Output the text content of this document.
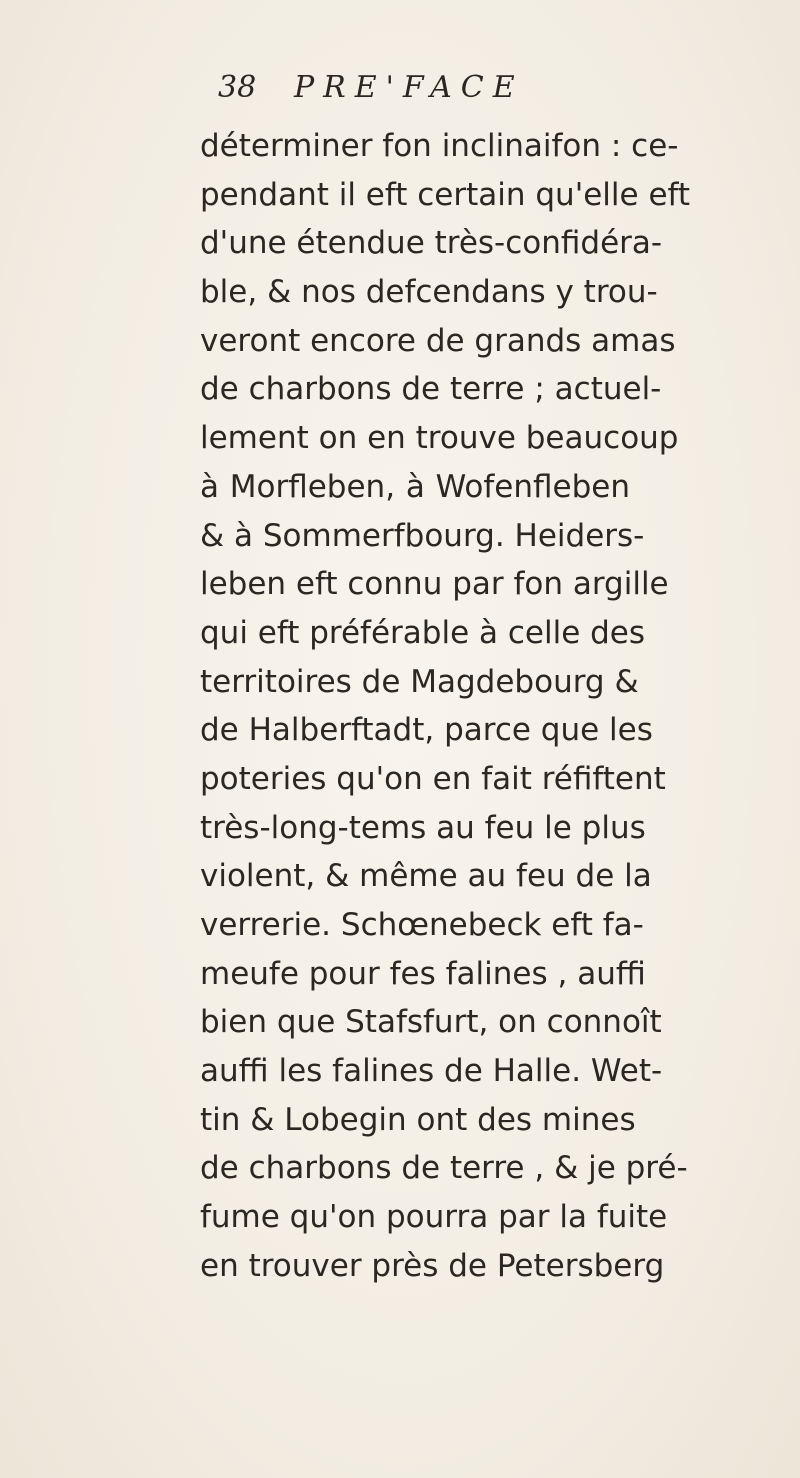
38 PRE'FACE
déterminer fon inclinaifon : ce-
pendant il eft certain qu'elle eft
d'une étendue très-confidéra-
ble, & nos defcendans y trou-
veront encore de grands amas
de charbons de terre ; actuel-
lement on en trouve beaucoup
à Morfleben, à Wofenfleben
& à Sommerfbourg. Heiders-
leben eft connu par fon argille
qui eft préférable à celle des
territoires de Magdebourg &
de Halberftadt, parce que les
poteries qu'on en fait réfiftent
très-long-tems au feu le plus
violent, & même au feu de la
verrerie. Schœnebeck eft fa-
meufe pour fes falines , auffi
bien que Stafsfurt, on connoît
auffi les falines de Halle. Wet-
tin & Lobegin ont des mines
de charbons de terre , & je pré-
fume qu'on pourra par la fuite
en trouver près de Petersberg
